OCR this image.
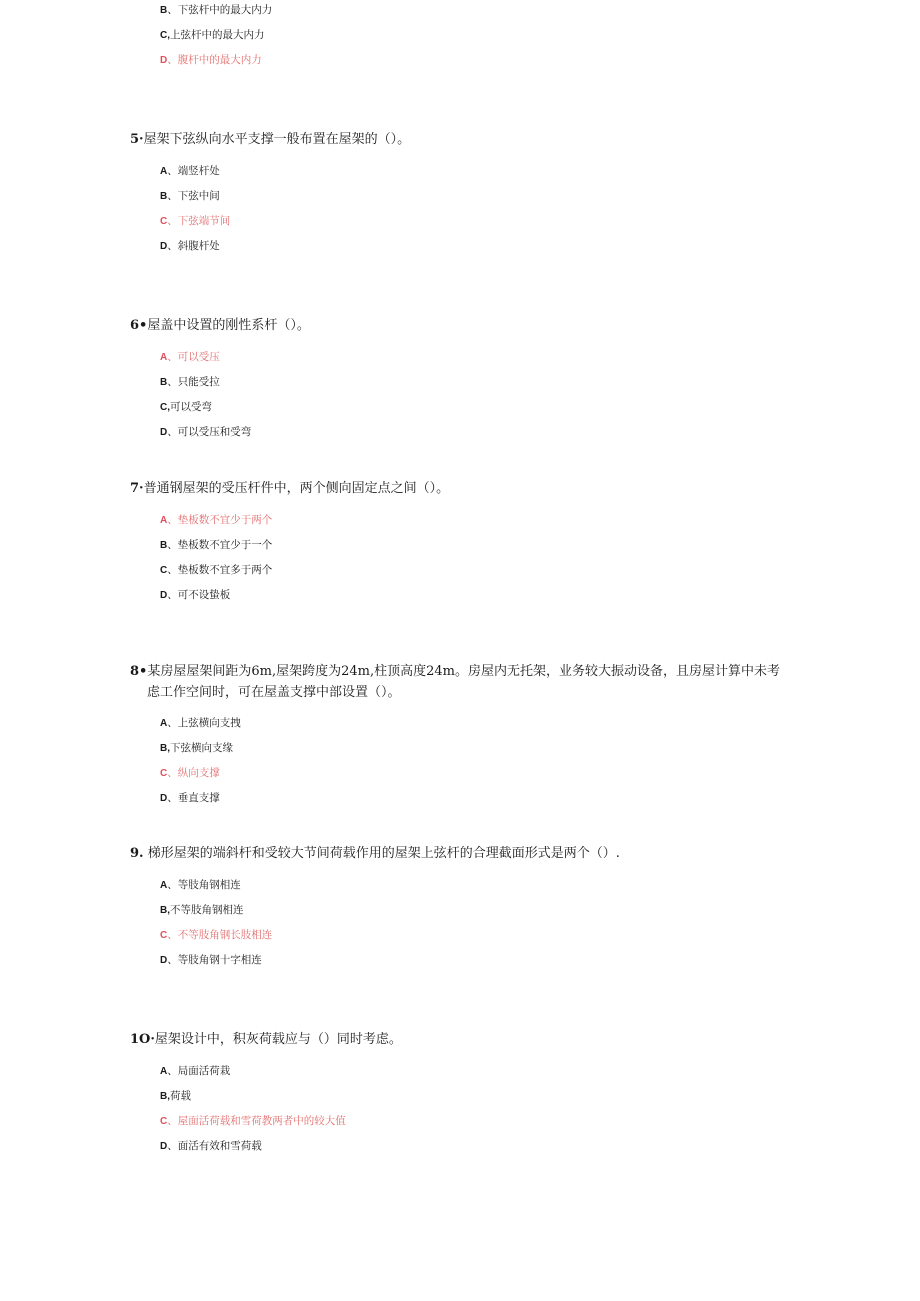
B、下弦杆中的最大内力
C,上弦杆中的最大内力
D、腹杆中的最大内力
5·屋架下弦纵向水平支撑一般布置在屋架的（）。
A、端竖杆处
B、下弦中间
C、下弦端节间
D、斜腹杆处
6•屋盖中设置的刚性系杆（）。
A、可以受压
B、只能受拉
C,可以受弯
D、可以受压和受弯
7·普通钢屋架的受压杆件中，两个侧向固定点之间（）。
A、垫板数不宜少于两个
B、垫板数不宜少于一个
C、垫板数不宜多于两个
D、可不设蛰板
8•某房屋屋架间距为6m,屋架跨度为24m,柱顶高度24m。房屋内无托架，业务较大振动设备，且房屋计算中未考
虑工作空间时，可在屋盖支撑中部设置（）。
A、上弦横向支拽
B,下弦横向支缘
C、纵向支撑
D、垂直支撑
9. 梯形屋架的端斜杆和受较大节间荷载作用的屋架上弦杆的合理截面形式是两个（）.
A、等肢角钢相连
B,不等肢角钢相连
C、不等肢角钢长肢相连
D、等肢角钢十字相连
1O·屋架设计中，积灰荷载应与（）同时考虑。
A、局面活荷栽
B,荷载
C、屋面活荷载和雪荷教两者中的较大值
D、面活有效和雪荷载
